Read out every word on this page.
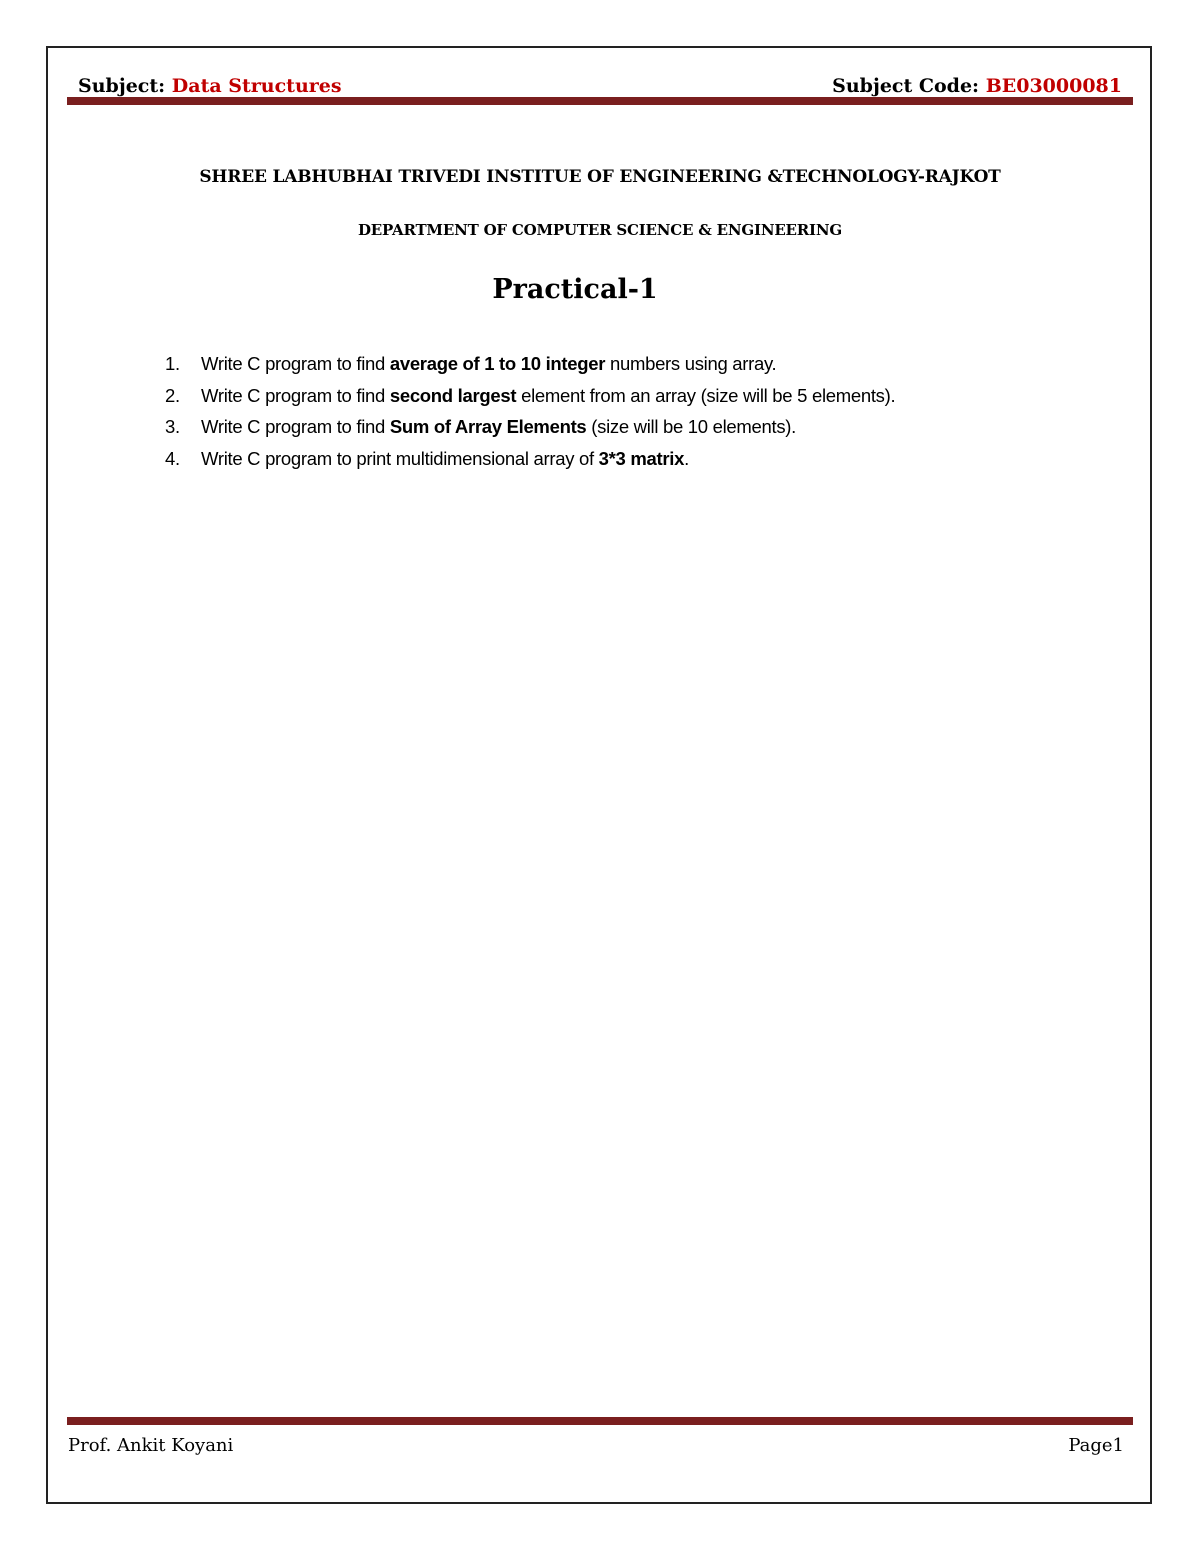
Subject: Data Structures	Subject Code: BE03000081
SHREE LABHUBHAI TRIVEDI INSTITUE OF ENGINEERING &TECHNOLOGY-RAJKOT
DEPARTMENT OF COMPUTER SCIENCE & ENGINEERING
Practical-1
1. Write C program to find average of 1 to 10 integer numbers using array.
2. Write C program to find second largest element from an array (size will be 5 elements).
3. Write C program to find Sum of Array Elements (size will be 10 elements).
4. Write C program to print multidimensional array of 3*3 matrix.
Prof. Ankit Koyani	Page1
